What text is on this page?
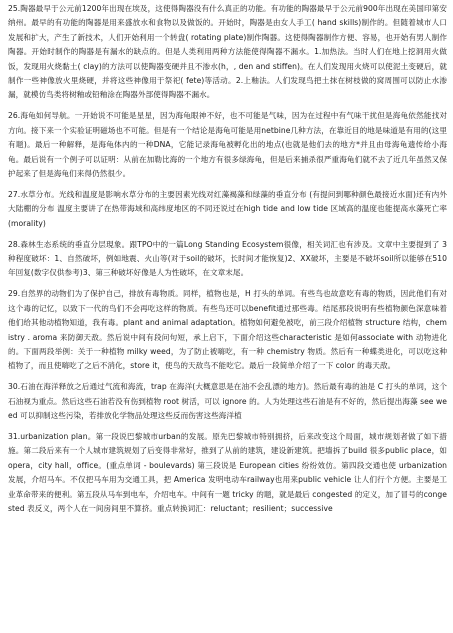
25.陶器最早于公元前1200年出现在埃及，这使得陶器没有什么真正的功能。有功能的陶器最早于公元前900年出现在美国印第安纳州。最早的有功能的陶器是用来盛放水和食物以及做饭的。开始时，陶器是由女人手工( hand skills)制作的。但随着城市人口发展和扩大，产生了新技术，人们开始利用一个转盘( rotating plate)制作陶器。这使得陶器制作方便、容易，也开始有男人制作陶器。开始时制作的陶器是有漏水的缺点的。但是人类利用两种方法能使得陶器不漏水。1.加热法。当时人们在地上挖洞用火做饭，发现用火烧黏土( clay)的方法可以使陶器变硬并且不渗水(h，, den and stiffen)。在人们发现用火烧可以使泥土变硬后，就制作一些神像放火里烧硬，并将这些神像用于祭祀( fete)等活动。2.上釉法。人们发现鸟把土抹在树枝做的窝周围可以防止水渗漏，就模仿鸟类将树釉或铅釉涂在陶器外部使得陶器不漏水。

26.海龟如何导航。一开始说不可能是星星，因为海龟眼神不好，也不可能是气味，因为在过程中有气味干扰但是海龟依然能找对方向。接下来一个实验证明磁场也不可能。但是有一个结论是海龟可能是用netbine几种方法，在靠近目的地是味道是有用的(这里有题)。最后一种解释，是海龟体内的一种DNA，它能记录海龟被孵化出的地点(也就是他们去的地方*并且由母海龟遗传给小海龟。最后说有一个例子可以证明：从前在加勒比海的一个地方有很多绿海龟，但是后来捕杀很严重海龟们就不去了近几年虽然又保护起来了但是海龟们来得仍然很少。

27.水草分布。光线和温度是影响水草分布的主要因素光线对红藻褐藻和绿藻的垂直分布 (有提问到哪种颜色最接近水面)还有内外大陆棚的分布 温度主要讲了在热带海域和高纬度地区的不同还说过在high tide and low tide 区域高的温度也能提高水藻死亡率(morality)

28.森林生态系统的垂直分层現象。跟TPO中的一篇Long Standing Ecosystem很像，相关词汇也有涉及。文章中主要提到了 3种程度破坏：1、自然破坏，例如地震、火山等(对于soil的破坏，长时间才能恢复)2、XX破坏，主要是不破坏soil所以能够在510年回复(数字仅供参考)3、第三种破坏好像是人为性破坏，在文章末尾。

29.自然界的动物们为了保护自己，排放有毒物质。同样，植物也是，H 打头的单词。有些鸟也故意吃有毒的物质，因此他们有对这个毒的记忆，以致下一代的鸟们不会再吃这样的物质。有些鸟还可以benefit通过那些毒。结尾那段说明有些植物颜色深意味着他们给其他动植物知道，我有毒。plant and animal adaptation。植物如何避免被吃，前三段介绍植物 structure 结构，chemistry . aroma 来防御天敌。然后说中间有段问句短，承上启下，下面介绍这些characteristic 是如何associate with 动物进化的。下面两段举例：关于一种植物 milky weed，为了防止被嗨吃，有一种 chemistry 物质。然后有一种蝶类进化，可以吃这种植物了，而且使嗨吃了之后不消化，store it，使鸟的天敌鸟不能吃它。最后一段简单介绍了一下 color 的毒天敌。

30.石油在海洋释放之后通过气流和海流，trap 在海洋(大概意思是在油不会乱漂的地方)。然后最有毒的油是 C 打头的单词，这个石油视为重点。然后这些石油若没有伤到植物 root 树活，可以 ignore 的。人为处理这些石油是有不好的，然后提出海藻 see weed 可以抑制这些污染，若排放化学物品处理这些反而伤害这些海洋植

31.urbanization plan。第一段说巴黎城市urban的发展。原先巴黎城市特别拥挤，后来改变这个局面，城市规划者做了如下措施。第二段后来有一个人城市建筑规划了后变得非常好，推到了从前的建筑，建设新建筑。把墙拆了build 很多public place，如 opera，city hall，office。(重点单词 - boulevards) 第三段说是 European cities 纷纷效仿。第四段交通也使 urbanization 发展，介绍马车。不仅把马车用为交通工具，把 America 发明电动车railway也用来public vehicle 让人们行个方便。主要是工业革命带来的便利。第五段从马车到电车，介绍电车。中间有一题 tricky 的题，就是最后 congested 的定义，加了冒号的congested 表反义，两个人在一间房间里不算挤。重点转换词汇：reluctant；resilient；successive
